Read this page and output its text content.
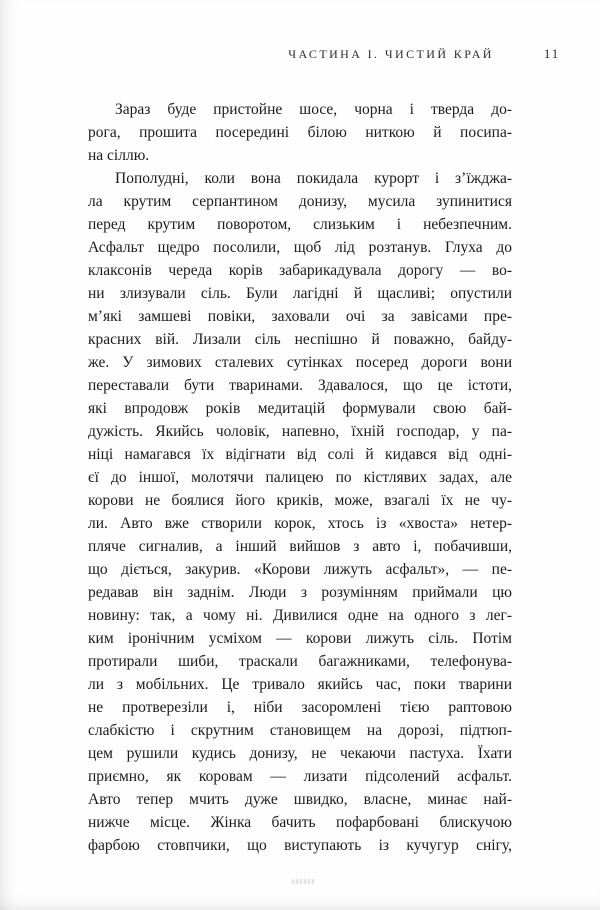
ЧАСТИНА І. ЧИСТИЙ КРАЙ	11

Зараз буде пристойне шосе, чорна і тверда до-
рога, прошита посередині білою ниткою й посипа-
на сіллю.

Пополудні, коли вона покидала курорт і з’їжджа-
ла крутим серпантином донизу, мусила зупинитися
перед крутим поворотом, слизьким і небезпечним.
Асфальт щедро посолили, щоб лід розтанув. Глуха до
клаксонів череда корів забарикадувала дорогу — во-
ни злизували сіль. Були лагідні й щасливі; опустили
м’які замшеві повіки, заховали очі за завісами пре-
красних вій. Лизали сіль неспішно й поважно, байду-
же. У зимових сталевих сутінках посеред дороги вони
переставали бути тваринами. Здавалося, що це істоти,
які впродовж років медитацій формували свою бай-
дужість. Якийсь чоловік, напевно, їхній господар, у па-
ніці намагався їх відігнати від солі й кидався від одні-
єї до іншої, молотячи палицею по кістлявих задах, але
корови не боялися його криків, може, взагалі їх не чу-
ли. Авто вже створили корок, хтось із «хвоста» нетер-
пляче сигналив, а інший вийшов з авто і, побачивши,
що діється, закурив. «Корови лижуть асфальт», — пе-
редавав він заднім. Люди з розумінням приймали цю
новину: так, а чому ні. Дивилися одне на одного з лег-
ким іронічним усміхом — корови лижуть сіль. Потім
протирали шиби, траскали багажниками, телефонува-
ли з мобільних. Це тривало якийсь час, поки тварини
не протверезіли і, ніби засоромлені тією раптовою
слабкістю і скрутним становищем на дорозі, підтюп-
цем рушили кудись донизу, не чекаючи пастуха. Їхати
приємно, як коровам — лизати підсолений асфальт.
Авто тепер мчить дуже швидко, власне, минає най-
нижче місце. Жінка бачить пофарбовані блискучою
фарбою стовпчики, що виступають із кучугур снігу,
